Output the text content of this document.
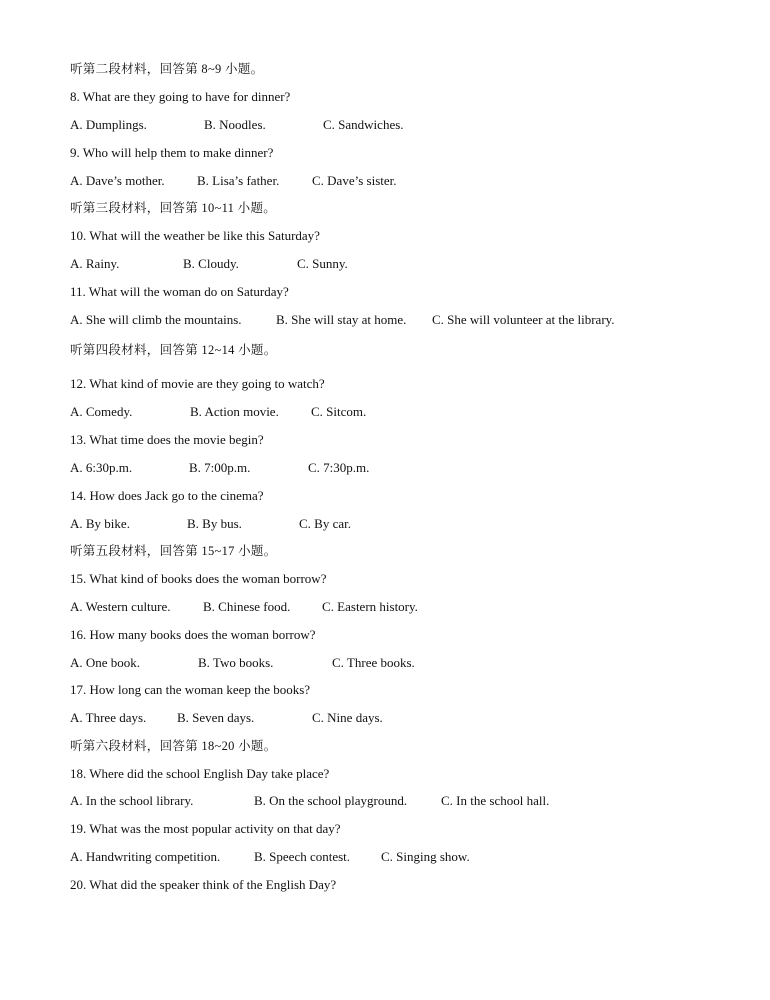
听第二段材料，回答第 8~9 小题。
8. What are they going to have for dinner?

A. Dumplings.

	B. Noodles.

	C. Sandwiches.

9. Who will help them to make dinner?

A. Dave’s mother.

B. Lisa’s father.

	C. Dave’s sister.

听第三段材料，回答第 10~11 小题。
10. What will the weather be like this Saturday?

A. Rainy.

	B. Cloudy.

	C. Sunny.

11. What will the woman do on Saturday?

A. She will climb the mountains.

	B. She will stay at home.

C. She will volunteer at the library.

听第四段材料，回答第 12~14 小题。
12. What kind of movie are they going to watch?

A. Comedy.

	B. Action movie.

C. Sitcom.

13. What time does the movie begin?

A. 6:30p.m.

	B. 7:00p.m.

	C. 7:30p.m.

14. How does Jack go to the cinema?

A. By bike.

	B. By bus.

	C. By car.

听第五段材料，回答第 15~17 小题。
15. What kind of books does the woman borrow?

A. Western culture.

B. Chinese food.

C. Eastern history.

16. How many books does the woman borrow?

A. One book.

	B. Two books.

	C. Three books.

17. How long can the woman keep the books?

A. Three days.

B. Seven days.

	C. Nine days.

听第六段材料，回答第 18~20 小题。
18. Where did the school English Day take place?

A. In the school library.

	B. On the school playground.

	C. In the school hall.

19. What was the most popular activity on that day?

A. Handwriting competition.

	B. Speech contest.

C. Singing show.

20. What did the speaker think of the English Day?
